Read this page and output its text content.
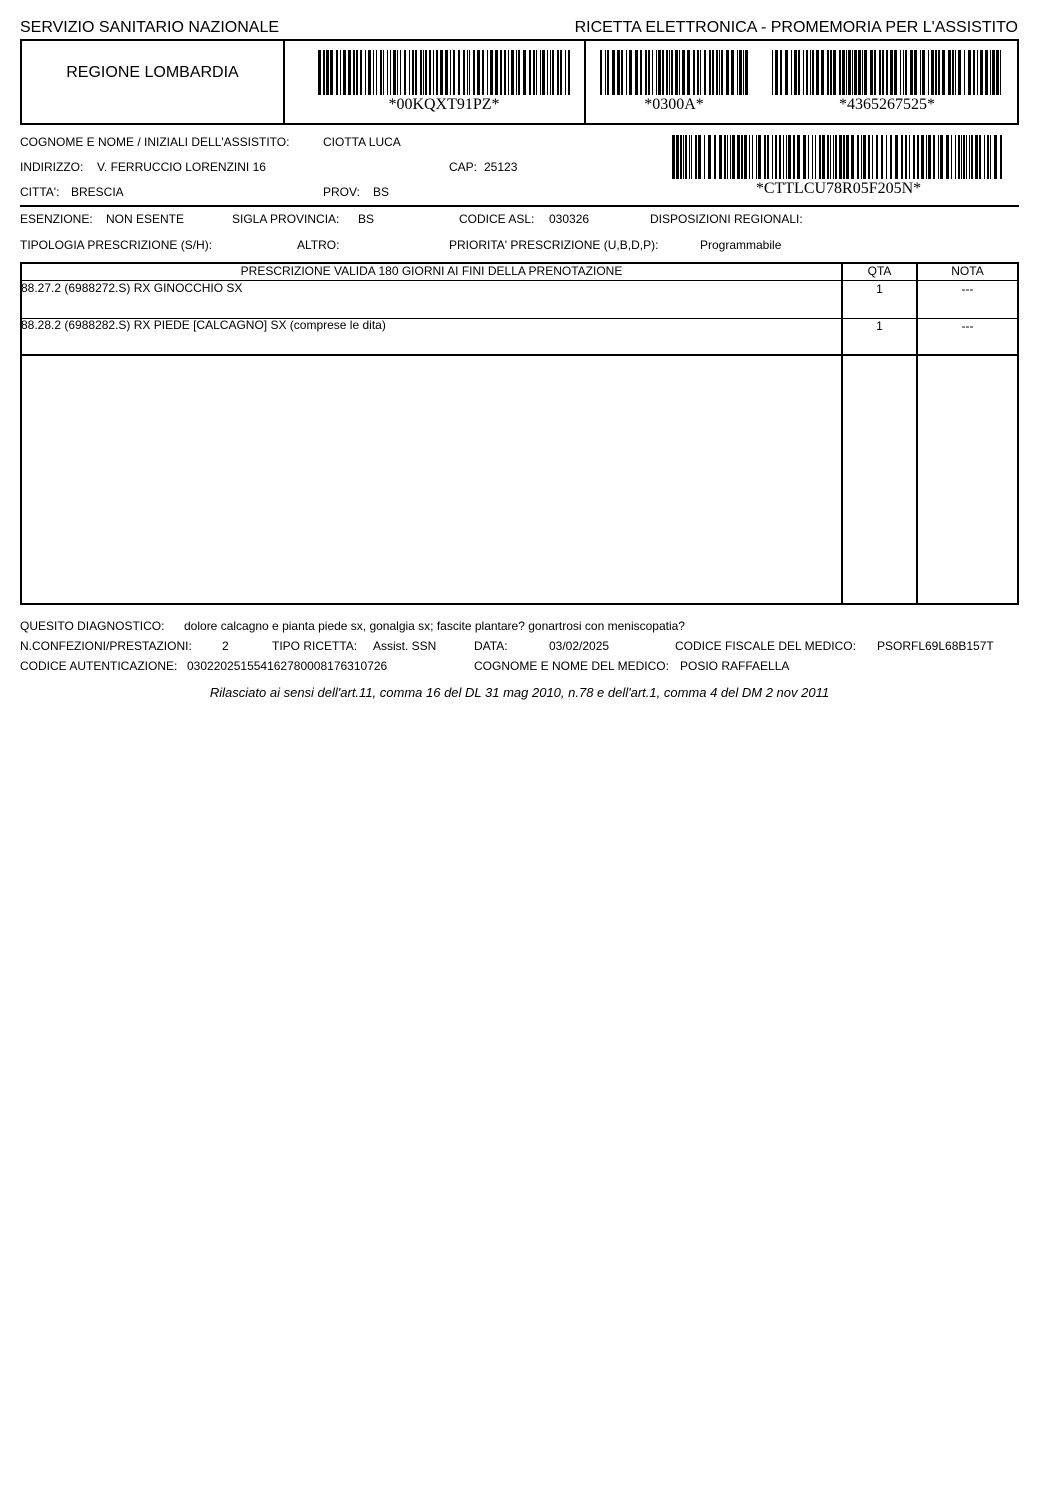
SERVIZIO SANITARIO NAZIONALE	RICETTA ELETTRONICA - PROMEMORIA PER L'ASSISTITO
REGIONE LOMBARDIA
*00KQXT91PZ*	*0300A*	*4365267525*
COGNOME E NOME / INIZIALI DELL'ASSISTITO:	CIOTTA LUCA
INDIRIZZO: V. FERRUCCIO LORENZINI 16	CAP: 25123
CITTA': BRESCIA	PROV: BS	*CTTLCU78R05F205N*
ESENZIONE: NON ESENTE	SIGLA PROVINCIA: BS	CODICE ASL: 030326	DISPOSIZIONI REGIONALI:
TIPOLOGIA PRESCRIZIONE (S/H):	ALTRO:	PRIORITA' PRESCRIZIONE (U,B,D,P):	Programmabile
PRESCRIZIONE VALIDA 180 GIORNI AI FINI DELLA PRENOTAZIONE	QTA	NOTA
88.27.2 (6988272.S) RX GINOCCHIO SX	1	---
88.28.2 (6988282.S) RX PIEDE [CALCAGNO] SX (comprese le dita)	1	---
QUESITO DIAGNOSTICO: dolore calcagno e pianta piede sx, gonalgia sx; fascite plantare? gonartrosi con meniscopatia?
N.CONFEZIONI/PRESTAZIONI:	2	TIPO RICETTA: Assist. SSN	DATA:	03/02/2025	CODICE FISCALE DEL MEDICO: PSORFL69L68B157T
CODICE AUTENTICAZIONE: 030220251554162780008176310726	COGNOME E NOME DEL MEDICO: POSIO RAFFAELLA
Rilasciato ai sensi dell'art.11, comma 16 del DL 31 mag 2010, n.78 e dell'art.1, comma 4 del DM 2 nov 2011
